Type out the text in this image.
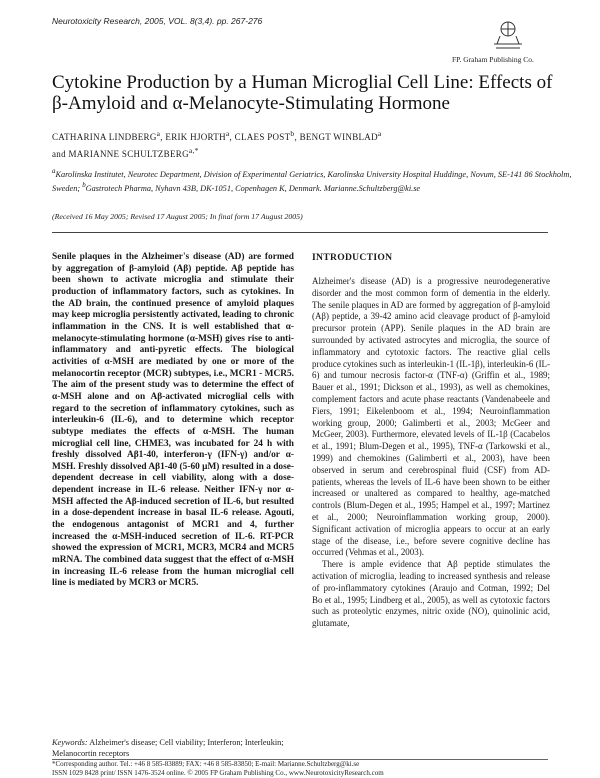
Neurotoxicity Research, 2005, VOL. 8(3,4). pp. 267-276
FP. Graham Publishing Co.
Cytokine Production by a Human Microglial Cell Line: Effects of β-Amyloid and α-Melanocyte-Stimulating Hormone
CATHARINA LINDBERG$^a$, ERIK HJORTH$^a$, CLAES POST$^b$, BENGT WINBLAD$^a$
and MARIANNE $SCHULTZBERG^{a,*}$
$^a$Karolinska Institutet, Neurotec Department, Division of Experimental Geriatrics, Karolinska University Hospital Huddinge, Novum, SE-141 86 Stockholm, Sweden; $^b$Gastrotech Pharma, Nyhavn 43B, DK-1051, Copenhagen K, Denmark. Marianne.Schultzberg@ki.se
(Received 16 May 2005; Revised 17 August 2005; In final form 17 August 2005)

Senile plaques in the Alzheimer's disease (AD) are formed by aggregation of β-amyloid (Aβ) peptide. Aβ peptide has been shown to activate microglia and stimulate their production of inflammatory factors, such as cytokines. In the AD brain, the continued presence of amyloid plaques may keep microglia persistently activated, leading to chronic inflammation in the CNS. It is well established that α-melanocyte-stimulating hormone (α-MSH) gives rise to anti-inflammatory and anti-pyretic effects. The biological activities of α-MSH are mediated by one or more of the melanocortin receptor (MCR) subtypes, i.e., MCR1 - MCR5. The aim of the present study was to determine the effect of α-MSH alone and on Aβ-activated microglial cells with regard to the secretion of inflammatory cytokines, such as interleukin-6 (IL-6), and to determine which receptor subtype mediates the effects of α-MSH. The human microglial cell line, CHME3, was incubated for 24 h with freshly dissolved Aβ1-40, interferon-γ (IFN-γ) and/or α-MSH. Freshly dissolved Aβ1-40 (5-60 μM) resulted in a dose-dependent decrease in cell viability, along with a dose-dependent increase in IL-6 release. Neither IFN-γ nor α-MSH affected the Aβ-induced secretion of IL-6, but resulted in a dose-dependent increase in basal IL-6 release. Agouti, the endogenous antagonist of MCR1 and 4, further increased the α-MSH-induced secretion of IL-6. RT-PCR showed the expression of MCR1, MCR3, MCR4 and MCR5 mRNA. The combined data suggest that the effect of α-MSH in increasing IL-6 release from the human microglial cell line is mediated by MCR3 or MCR5.

Keywords: Alzheimer's disease; Cell viability; Interferon; Interleukin; Melanocortin receptors
INTRODUCTION

Alzheimer's disease (AD) is a progressive neurodegenerative disorder and the most common form of dementia in the elderly. The senile plaques in AD are formed by aggregation of β-amyloid (Aβ) peptide, a 39-42 amino acid cleavage product of β-amyloid precursor protein (APP). Senile plaques in the AD brain are surrounded by activated astrocytes and microglia, the source of inflammatory and cytotoxic factors. The reactive glial cells produce cytokines such as interleukin-1 (IL-1β), interleukin-6 (IL-6) and tumour necrosis factor-α (TNF-α) (Griffin et al., 1989; Bauer et al., 1991; Dickson et al., 1993), as well as chemokines, complement factors and acute phase reactants (Vandenabeele and Fiers, 1991; Eikelenboom et al., 1994; Neuroinflammation working group, 2000; Galimberti et al., 2003; McGeer and McGeer, 2003). Furthermore, elevated levels of IL-1β (Cacabelos et al., 1991; Blum-Degen et al., 1995), TNF-α (Tarkowski et al., 1999) and chemokines (Galimberti et al., 2003), have been observed in serum and cerebrospinal fluid (CSF) from AD-patients, whereas the levels of IL-6 have been shown to be either increased or unaltered as compared to healthy, age-matched controls (Blum-Degen et al., 1995; Hampel et al., 1997; Martinez et al., 2000; Neuroinflammation working group, 2000). Significant activation of microglia appears to occur at an early stage of the disease, i.e., before severe cognitive decline has occurred (Vehmas et al., 2003).

There is ample evidence that Aβ peptide stimulates the activation of microglia, leading to increased synthesis and release of pro-inflammatory cytokines (Araujo and Cotman, 1992; Del Bo et al., 1995; Lindberg et al., 2005), as well as cytotoxic factors such as proteolytic enzymes, nitric oxide (NO), quinolinic acid, glutamate,

*Corresponding author. Tel.: +46 8 585-83889; FAX: +46 8 585-83850; E-mail: Marianne.Schultzberg@ki.se
ISSN 1029 8428 print/ ISSN 1476-3524 online. © 2005 FP Graham Publishing Co., www.NeurotoxicityResearch.com
